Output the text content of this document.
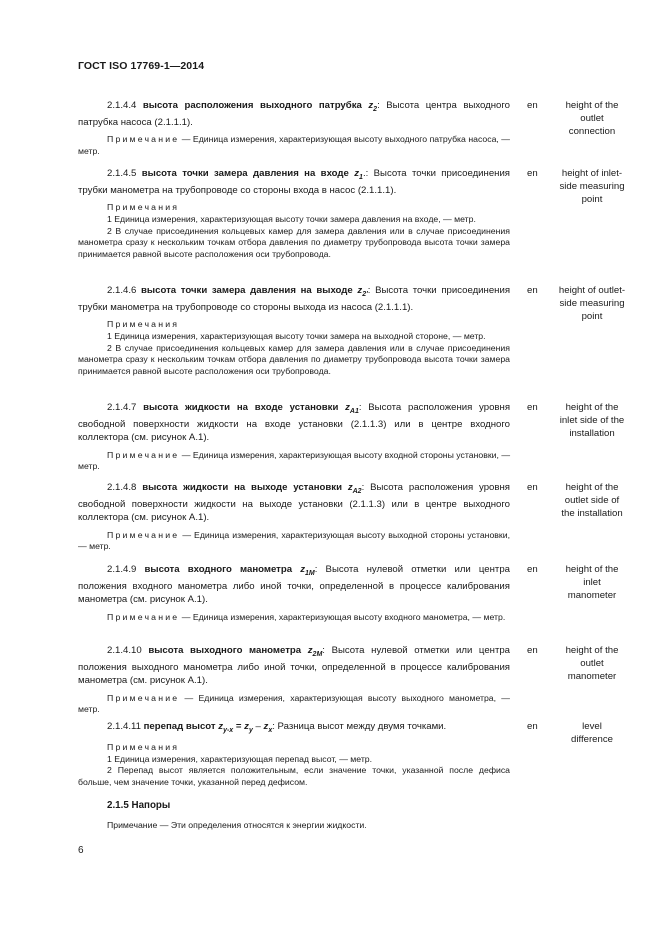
ГОСТ ISO 17769-1—2014

2.1.4.4 высота расположения выходного патрубка $z_2$: Высота центра выходного патрубка насоса (2.1.1.1).

Примечание — Единица измерения, характеризующая высоту выходного патрубка насоса, — метр.

en	height of the outlet connection

2.1.4.5 высота точки замера давления на входе $z_1$.: Высота точки присоединения трубки манометра на трубопроводе со стороны входа в насос (2.1.1.1).

Примечания

1 Единица измерения, характеризующая высоту точки замера давления на входе, — метр.

2 В случае присоединения кольцевых камер для замера давления или в случае присоединения манометра сразу к нескольким точкам отбора давления по диаметру трубопровода высота точки замера принимается равной высоте расположения оси трубопровода.

en	height of inlet-side measuring point

2.1.4.6 высота точки замера давления на выходе $z_{2'}$: Высота точки присоединения трубки манометра на трубопроводе со стороны выхода из насоса (2.1.1.1).

Примечания

1 Единица измерения, характеризующая высоту точки замера на выходной стороне, — метр.

2 В случае присоединения кольцевых камер для замера давления или в случае присоединения манометра сразу к нескольким точкам отбора давления по диаметру трубопровода высота точки замера принимается равной высоте расположения оси трубопровода.

en	height of outlet-side measuring point

2.1.4.7 высота жидкости на входе установки $z_{A1}$: Высота расположения уровня свободной поверхности жидкости на входе установки (2.1.1.3) или в центре входного коллектора (см. рисунок А.1).

Примечание — Единица измерения, характеризующая высоту входной стороны установки, — метр.

en	height of the inlet side of the installation

2.1.4.8 высота жидкости на выходе установки $z_{A2}$: Высота расположения уровня свободной поверхности жидкости на выходе установки (2.1.1.3) или в центре выходного коллектора (см. рисунок А.1).

Примечание — Единица измерения, характеризующая высоту выходной стороны установки, — метр.

en	height of the outlet side of the installation

2.1.4.9 высота входного манометра $z_{1M}$: Высота нулевой отметки или центра положения входного манометра либо иной точки, определенной в процессе калибрования манометра (см. рисунок А.1).

Примечание — Единица измерения, характеризующая высоту входного манометра, — метр.

en	height of the inlet manometer

2.1.4.10 высота выходного манометра $z_{2M}$: Высота нулевой отметки или центра положения выходного манометра либо иной точки, определенной в процессе калибрования манометра (см. рисунок А.1).

Примечание — Единица измерения, характеризующая высоту выходного манометра, — метр.

en	height of the outlet manometer

2.1.4.11 перепад высот $z_{y-x} = z_y - z_x$: Разница высот между двумя точками.

Примечания

1 Единица измерения, характеризующая перепад высот, — метр.

2 Перепад высот является положительным, если значение точки, указанной после дефиса больше, чем значение точки, указанной перед дефисом.

en	level difference
2.1.5 Напоры
Примечание — Эти определения относятся к энергии жидкости.
6
